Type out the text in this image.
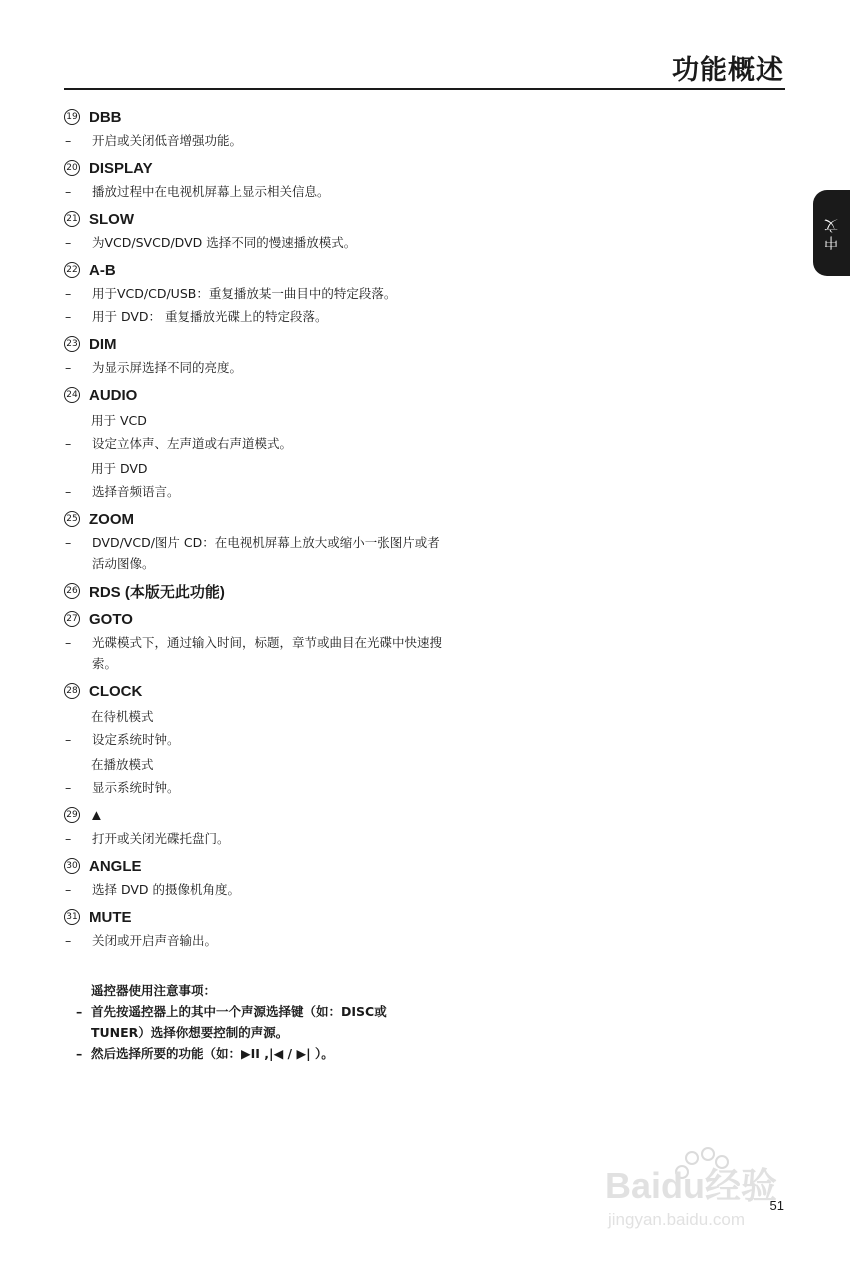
功能概述
中文
19 DBB
–	开启或关闭低音增强功能。
20 DISPLAY
–	播放过程中在电视机屏幕上显示相关信息。
21 SLOW
–	为VCD/SVCD/DVD 选择不同的慢速播放模式。
22 A-B
–	用于VCD/CD/USB：重复播放某一曲目中的特定段落。
–	用于 DVD： 重复播放光碟上的特定段落。
23 DIM
–	为显示屏选择不同的亮度。
24 AUDIO
用于 VCD
–	设定立体声、左声道或右声道模式。
用于 DVD
–	选择音频语言。
25 ZOOM
–	DVD/VCD/图片 CD：在电视机屏幕上放大或缩小一张图片或者活动图像。
26 RDS (本版无此功能)
27 GOTO
–	光碟模式下，通过输入时间，标题，章节或曲目在光碟中快速搜索。
28 CLOCK
在待机模式
–	设定系统时钟。
在播放模式
–	显示系统时钟。
29 ▲
–	打开或关闭光碟托盘门。
30 ANGLE
–	选择 DVD 的摄像机角度。
31 MUTE
–	关闭或开启声音输出。
遥控器使用注意事项：
– 首先按遥控器上的其中一个声源选择键（如：DISC或TUNER）选择你想要控制的声源。
– 然后选择所要的功能（如：▶II ,|◀ / ▶| ）。
51
Baidu经验
jingyan.baidu.com
